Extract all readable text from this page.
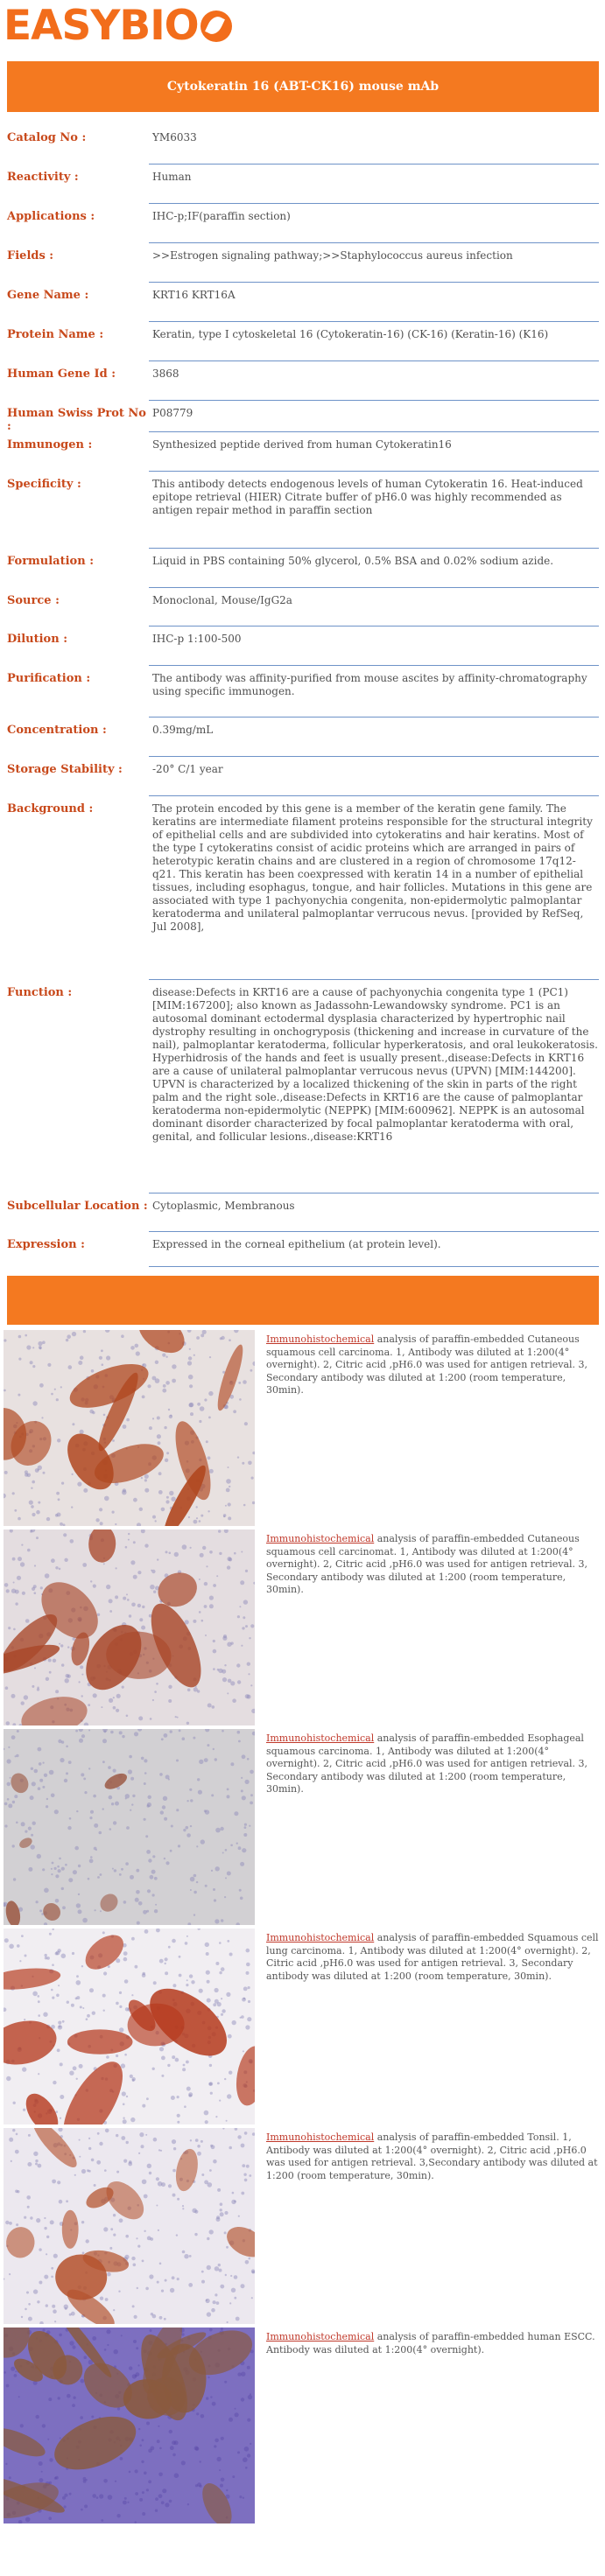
EASYBIO
Cytokeratin 16 (ABT-CK16) mouse mAb
Catalog No :	YM6033
Reactivity :	Human
Applications :	IHC-p;IF(paraffin section)
Fields :	>>Estrogen signaling pathway;>>Staphylococcus aureus infection
Gene Name :	KRT16 KRT16A
Protein Name :	Keratin, type I cytoskeletal 16 (Cytokeratin-16) (CK-16) (Keratin-16) (K16)
Human Gene Id :	3868
Human Swiss Prot No :
P08779
Immunogen :	Synthesized peptide derived from human Cytokeratin16
Specificity :	This antibody detects endogenous levels of human Cytokeratin 16. Heat-induced epitope retrieval (HIER) Citrate buffer of pH6.0 was highly recommended as antigen repair method in paraffin section
Formulation :	Liquid in PBS containing 50% glycerol, 0.5% BSA and 0.02% sodium azide.
Source :	Monoclonal, Mouse/IgG2a
Dilution :	IHC-p 1:100-500
Purification :	The antibody was affinity-purified from mouse ascites by affinity-chromatography using specific immunogen.
Concentration :	0.39mg/mL
Storage Stability :	-20° C/1 year
Background :	The protein encoded by this gene is a member of the keratin gene family. The keratins are intermediate filament proteins responsible for the structural integrity of epithelial cells and are subdivided into cytokeratins and hair keratins. Most of the type I cytokeratins consist of acidic proteins which are arranged in pairs of heterotypic keratin chains and are clustered in a region of chromosome 17q12-q21. This keratin has been coexpressed with keratin 14 in a number of epithelial tissues, including esophagus, tongue, and hair follicles. Mutations in this gene are associated with type 1 pachyonychia congenita, non-epidermolytic palmoplantar keratoderma and unilateral palmoplantar verrucous nevus. [provided by RefSeq, Jul 2008],
Function :	disease:Defects in KRT16 are a cause of pachyonychia congenita type 1 (PC1) [MIM:167200]; also known as Jadassohn-Lewandowsky syndrome. PC1 is an autosomal dominant ectodermal dysplasia characterized by hypertrophic nail dystrophy resulting in onchogryposis (thickening and increase in curvature of the nail), palmoplantar keratoderma, follicular hyperkeratosis, and oral leukokeratosis. Hyperhidrosis of the hands and feet is usually present.,disease:Defects in KRT16 are a cause of unilateral palmoplantar verrucous nevus (UPVN) [MIM:144200]. UPVN is characterized by a localized thickening of the skin in parts of the right palm and the right sole.,disease:Defects in KRT16 are the cause of palmoplantar keratoderma non-epidermolytic (NEPPK) [MIM:600962]. NEPPK is an autosomal dominant disorder characterized by focal palmoplantar keratoderma with oral, genital, and follicular lesions.,disease:KRT16
Subcellular Location : Cytoplasmic, Membranous
Expression :	Expressed in the corneal epithelium (at protein level).
Immunohistochemical analysis of paraffin-embedded Cutaneous squamous cell carcinoma. 1, Antibody was diluted at 1:200(4° overnight). 2, Citric acid ,pH6.0 was used for antigen retrieval. 3, Secondary antibody was diluted at 1:200 (room temperature, 30min).
Immunohistochemical analysis of paraffin-embedded Cutaneous squamous cell carcinomat. 1, Antibody was diluted at 1:200(4° overnight). 2, Citric acid ,pH6.0 was used for antigen retrieval. 3, Secondary antibody was diluted at 1:200 (room temperature, 30min).
Immunohistochemical analysis of paraffin-embedded Esophageal squamous carcinoma. 1, Antibody was diluted at 1:200(4° overnight). 2, Citric acid ,pH6.0 was used for antigen retrieval. 3, Secondary antibody was diluted at 1:200 (room temperature, 30min).
Immunohistochemical analysis of paraffin-embedded Squamous cell lung carcinoma. 1, Antibody was diluted at 1:200(4° overnight). 2, Citric acid ,pH6.0 was used for antigen retrieval. 3, Secondary antibody was diluted at 1:200 (room temperature, 30min).
Immunohistochemical analysis of paraffin-embedded Tonsil. 1, Antibody was diluted at 1:200(4° overnight). 2, Citric acid ,pH6.0 was used for antigen retrieval. 3,Secondary antibody was diluted at 1:200 (room temperature, 30min).
Immunohistochemical analysis of paraffin-embedded human ESCC. Antibody was diluted at 1:200(4° overnight).
